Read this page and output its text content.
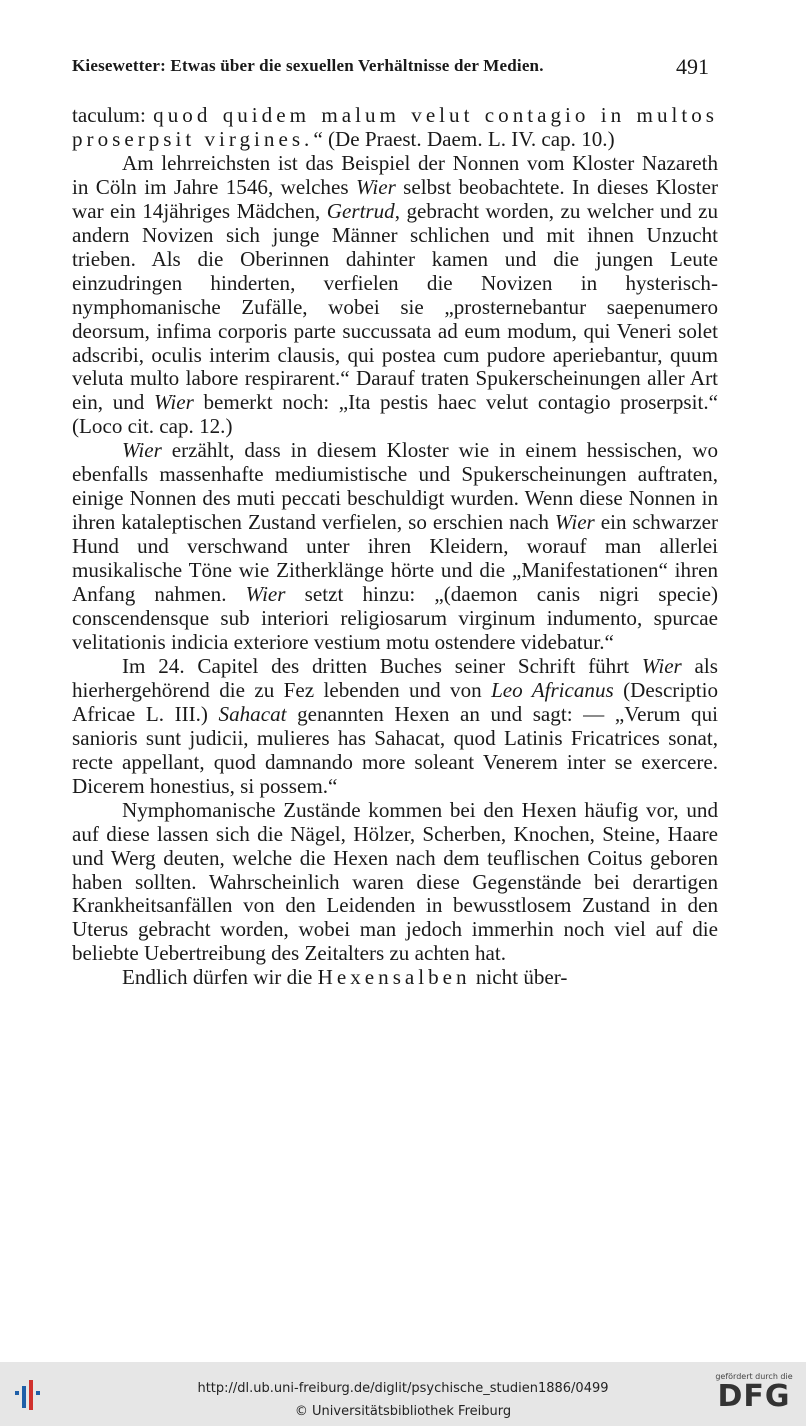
Kiesewetter: Etwas über die sexuellen Verhältnisse der Medien.	491

taculum: quod quidem malum velut contagio in multos proserpsit virgines.“ (De Praest. Daem. L. IV. cap. 10.)

Am lehrreichsten ist das Beispiel der Nonnen vom Kloster Nazareth in Cöln im Jahre 1546, welches Wier selbst beobachtete. In dieses Kloster war ein 14jähriges Mädchen, Gertrud, gebracht worden, zu welcher und zu andern Novizen sich junge Männer schlichen und mit ihnen Unzucht trieben. Als die Oberinnen dahinter kamen und die jungen Leute einzudringen hinderten, verfielen die Novizen in hysterisch-nymphomanische Zufälle, wobei sie „prosternebantur saepenumero deorsum, infima corporis parte succussata ad eum modum, qui Veneri solet adscribi, oculis interim clausis, qui postea cum pudore aperiebantur, quum veluta multo labore respirarent.“ Darauf traten Spukerscheinungen aller Art ein, und Wier bemerkt noch: „Ita pestis haec velut contagio proserpsit.“ (Loco cit. cap. 12.)

Wier erzählt, dass in diesem Kloster wie in einem hessischen, wo ebenfalls massenhafte mediumistische und Spukerscheinungen auftraten, einige Nonnen des muti peccati beschuldigt wurden. Wenn diese Nonnen in ihren kataleptischen Zustand verfielen, so erschien nach Wier ein schwarzer Hund und verschwand unter ihren Kleidern, worauf man allerlei musikalische Töne wie Zitherklänge hörte und die „Manifestationen“ ihren Anfang nahmen. Wier setzt hinzu: „(daemon canis nigri specie) conscendensque sub interiori religiosarum virginum indumento, spurcae velitationis indicia exteriore vestium motu ostendere videbatur.“

Im 24. Capitel des dritten Buches seiner Schrift führt Wier als hierhergehörend die zu Fez lebenden und von Leo Africanus (Descriptio Africae L. III.) Sahacat genannten Hexen an und sagt: — „Verum qui sanioris sunt judicii, mulieres has Sahacat, quod Latinis Fricatrices sonat, recte appellant, quod damnando more soleant Venerem inter se exercere. Dicerem honestius, si possem.“

Nymphomanische Zustände kommen bei den Hexen häufig vor, und auf diese lassen sich die Nägel, Hölzer, Scherben, Knochen, Steine, Haare und Werg deuten, welche die Hexen nach dem teuflischen Coitus geboren haben sollten. Wahrscheinlich waren diese Gegenstände bei derartigen Krankheitsanfällen von den Leidenden in bewusstlosem Zustand in den Uterus gebracht worden, wobei man jedoch immerhin noch viel auf die beliebte Uebertreibung des Zeitalters zu achten hat.

Endlich dürfen wir die Hexensalben nicht über-

http://dl.ub.uni-freiburg.de/diglit/psychische_studien1886/0499
© Universitätsbibliothek Freiburg
gefördert durch die
DFG
